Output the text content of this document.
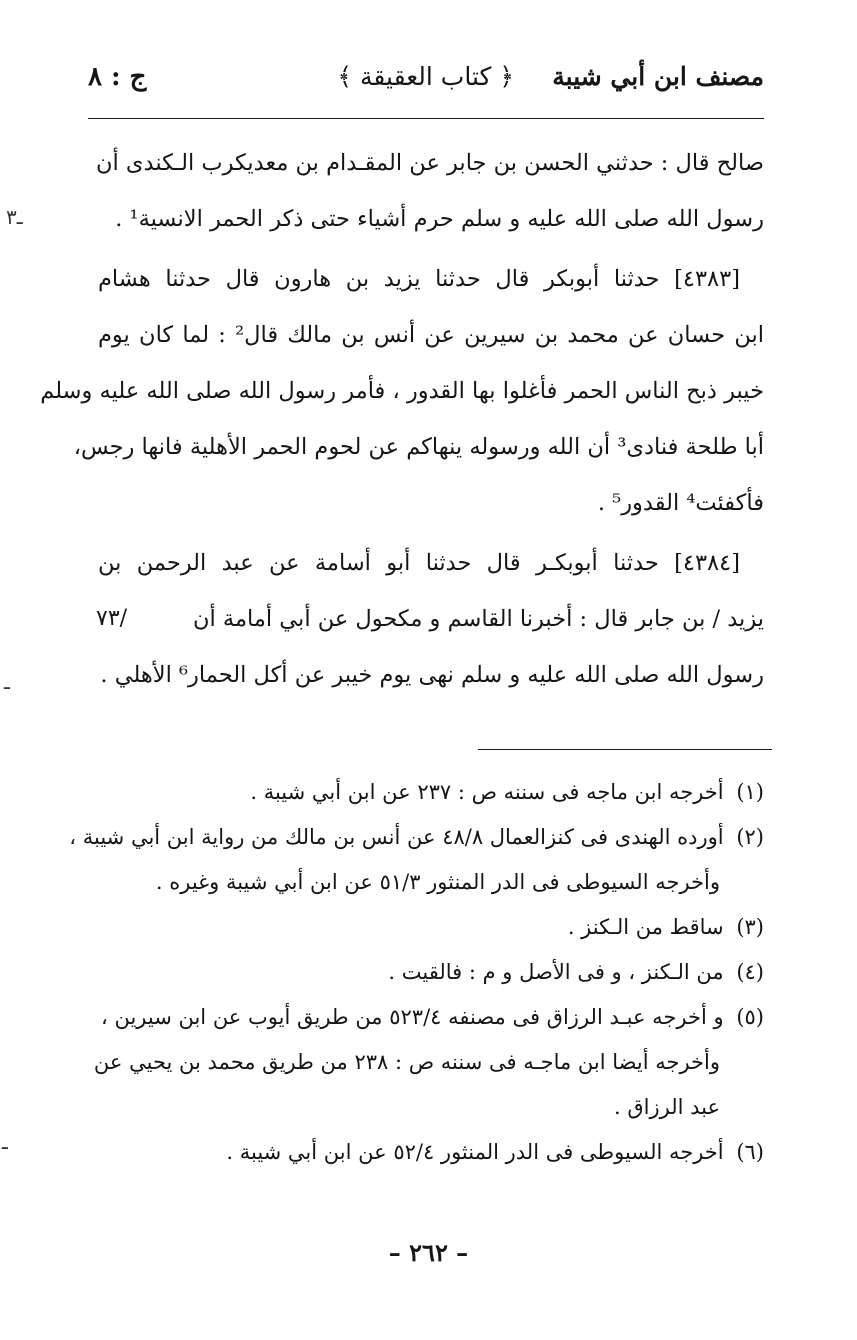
مصنف ابن أبي شيبة
﴿ كتاب العقيقة ﴾
ج : ٨
ـ٣
ـ
ـ

صالح قال : حدثني الحسن بن جابر عن المقـدام بن معديكرب الـكندى أن
رسول الله صلى الله عليه و سلم حرم أشياء حتى ذكر الحمر الانسية¹ .

[٤٣٨٣] حدثنا أبوبكر قال حدثنا يزيد بن هارون قال حدثنا هشام
ابن حسان عن محمد بن سيرين عن أنس بن مالك قال² : لما كان يوم
خيبر ذبح الناس الحمر فأغلوا بها القدور ، فأمر رسول الله صلى الله عليه وسلم
أبا طلحة فنادى³ أن الله ورسوله ينهاكم عن لحوم الحمر الأهلية فانها رجس،
فأكفئت⁴ القدور⁵ .

[٤٣٨٤] حدثنا أبوبكـر قال حدثنا أبو أسامة عن عبد الرحمن بن
٧٣/	يزيد / بن جابر قال : أخبرنا القاسم و مكحول عن أبي أمامة أن
رسول الله صلى الله عليه و سلم نهى يوم خيبر عن أكل الحمار⁶ الأهلي .

(١) أخرجه ابن ماجه فى سننه ص : ٢٣٧ عن ابن أبي شيبة .
(٢) أورده الهندى فى كنزالعمال ٤٨/٨ عن أنس بن مالك من رواية ابن أبي شيبة ،
وأخرجه السيوطى فى الدر المنثور ٥١/٣ عن ابن أبي شيبة وغيره .
(٣) ساقط من الـكنز .
(٤) من الـكنز ، و فى الأصل و م : فالقيت .
(٥) و أخرجه عبـد الرزاق فى مصنفه ٥٢٣/٤ من طريق أيوب عن ابن سيرين ،
وأخرجه أيضا ابن ماجـه فى سننه ص : ٢٣٨ من طريق محمد بن يحيي عن
عبد الرزاق .
(٦) أخرجه السيوطى فى الدر المنثور ٥٢/٤ عن ابن أبي شيبة .
– ٢٦٢ –
